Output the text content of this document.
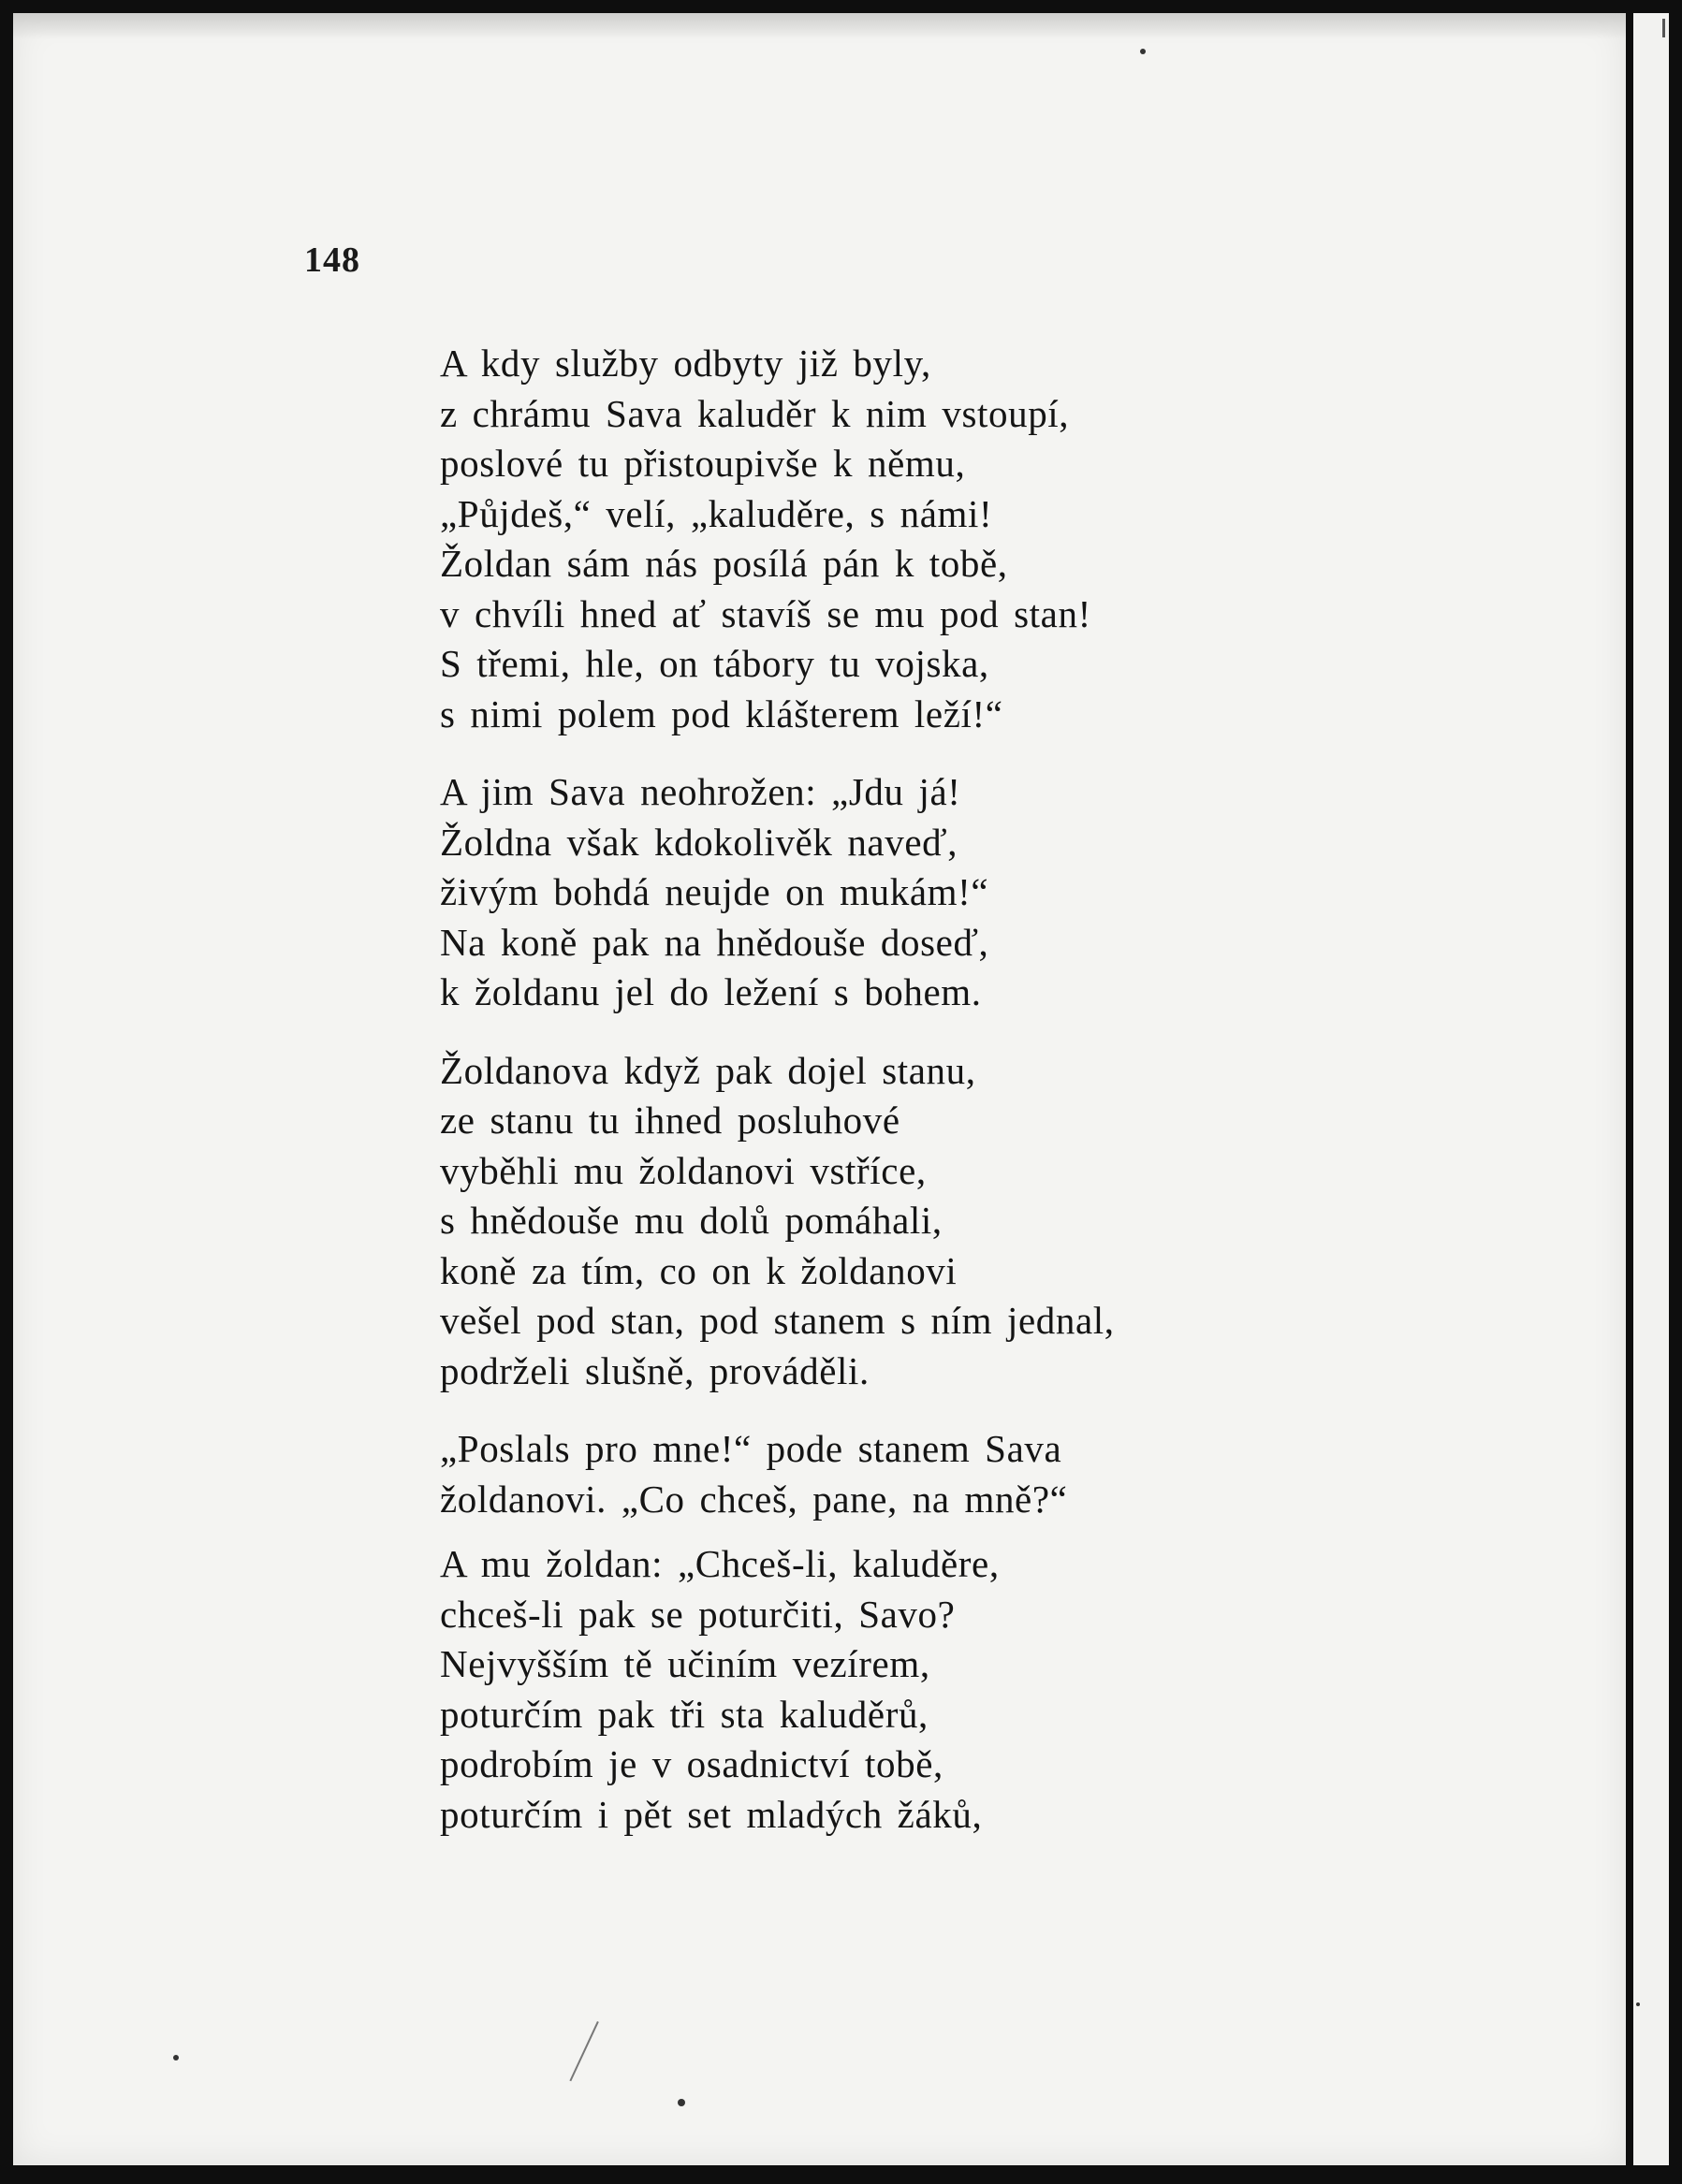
148
A kdy služby odbyty již byly,
z chrámu Sava kaluděr k nim vstoupí,
poslové tu přistoupivše k němu,
„Půjdeš,“ velí, „kaluděre, s námi!
Žoldan sám nás posílá pán k tobě,
v chvíli hned ať stavíš se mu pod stan!
S třemi, hle, on tábory tu vojska,
s nimi polem pod klášterem leží!“
A jim Sava neohrožen: „Jdu já!
Žoldna však kdokolivěk naveď,
živým bohdá neujde on mukám!“
Na koně pak na hnědouše doseď,
k žoldanu jel do ležení s bohem.
Žoldanova když pak dojel stanu,
ze stanu tu ihned posluhové
vyběhli mu žoldanovi vstříce,
s hnědouše mu dolů pomáhali,
koně za tím, co on k žoldanovi
vešel pod stan, pod stanem s ním jednal,
podrželi slušně, prováděli.
„Poslals pro mne!“ pode stanem Sava
žoldanovi. „Co chceš, pane, na mně?“
A mu žoldan: „Chceš-li, kaluděre,
chceš-li pak se poturčiti, Savo?
Nejvyšším tě učiním vezírem,
poturčím pak tři sta kaluděrů,
podrobím je v osadnictví tobě,
poturčím i pět set mladých žáků,
